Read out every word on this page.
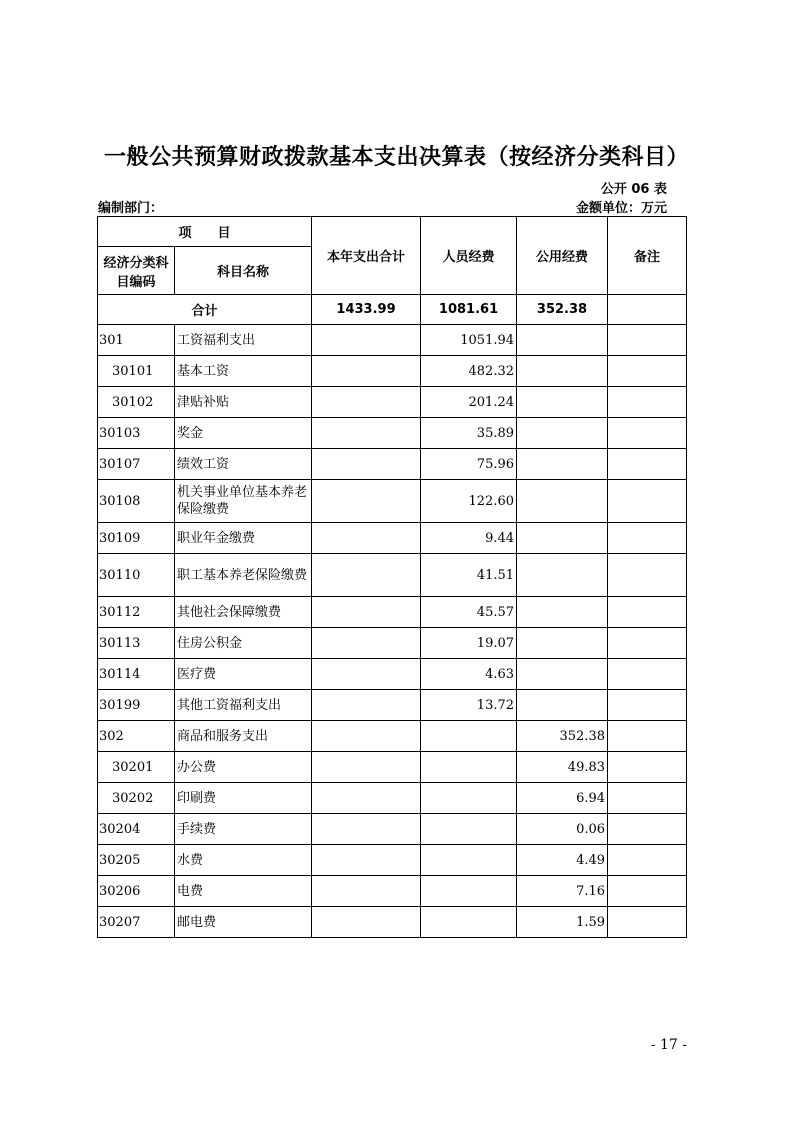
一般公共预算财政拨款基本支出决算表（按经济分类科目）
公开 06 表
编制部门：	金额单位：万元
项　　目		本年支出合计	人员经费	公用经费	备注
经济分类科目编码	科目名称				
合计		1433.99	1081.61	352.38	
301	工资福利支出		1051.94		
30101	基本工资		482.32		
30102	津贴补贴		201.24		
30103	奖金		35.89		
30107	绩效工资		75.96		
30108	机关事业单位基本养老保险缴费		122.60		
30109	职业年金缴费		9.44		
30110	职工基本养老保险缴费		41.51		
30112	其他社会保障缴费		45.57		
30113	住房公积金		19.07		
30114	医疗费		4.63		
30199	其他工资福利支出		13.72		
302	商品和服务支出			352.38	
30201	办公费			49.83	
30202	印刷费			6.94	
30204	手续费			0.06	
30205	水费			4.49	
30206	电费			7.16	
30207	邮电费			1.59	
- 17 -
